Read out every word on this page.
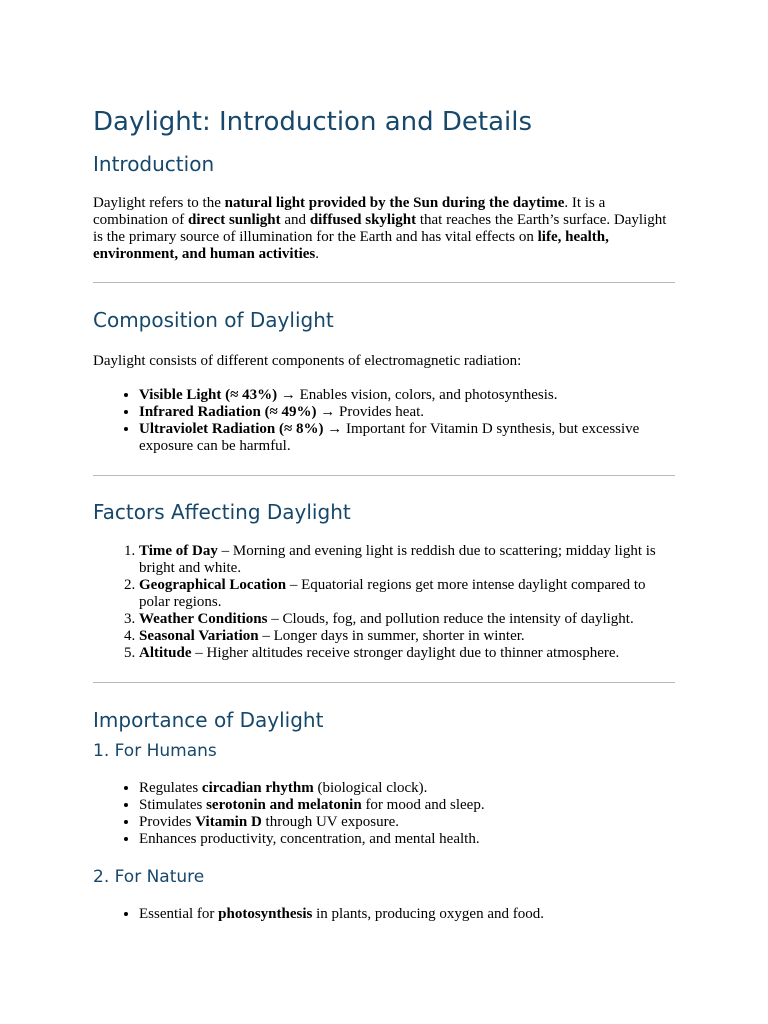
Daylight: Introduction and Details
Introduction

Daylight refers to the natural light provided by the Sun during the daytime. It is a combination of direct sunlight and diffused skylight that reaches the Earth’s surface. Daylight is the primary source of illumination for the Earth and has vital effects on life, health, environment, and human activities.

Composition of Daylight

Daylight consists of different components of electromagnetic radiation:

• Visible Light (≈ 43%) → Enables vision, colors, and photosynthesis.
• Infrared Radiation (≈ 49%) → Provides heat.
• Ultraviolet Radiation (≈ 8%) → Important for Vitamin D synthesis, but excessive exposure can be harmful.
Factors Affecting Daylight
1. Time of Day – Morning and evening light is reddish due to scattering; midday light is bright and white.
2. Geographical Location – Equatorial regions get more intense daylight compared to polar regions.
3. Weather Conditions – Clouds, fog, and pollution reduce the intensity of daylight.
4. Seasonal Variation – Longer days in summer, shorter in winter.
5. Altitude – Higher altitudes receive stronger daylight due to thinner atmosphere.
Importance of Daylight
1. For Humans
• Regulates circadian rhythm (biological clock).
• Stimulates serotonin and melatonin for mood and sleep.
• Provides Vitamin D through UV exposure.
• Enhances productivity, concentration, and mental health.
2. For Nature
• Essential for photosynthesis in plants, producing oxygen and food.
